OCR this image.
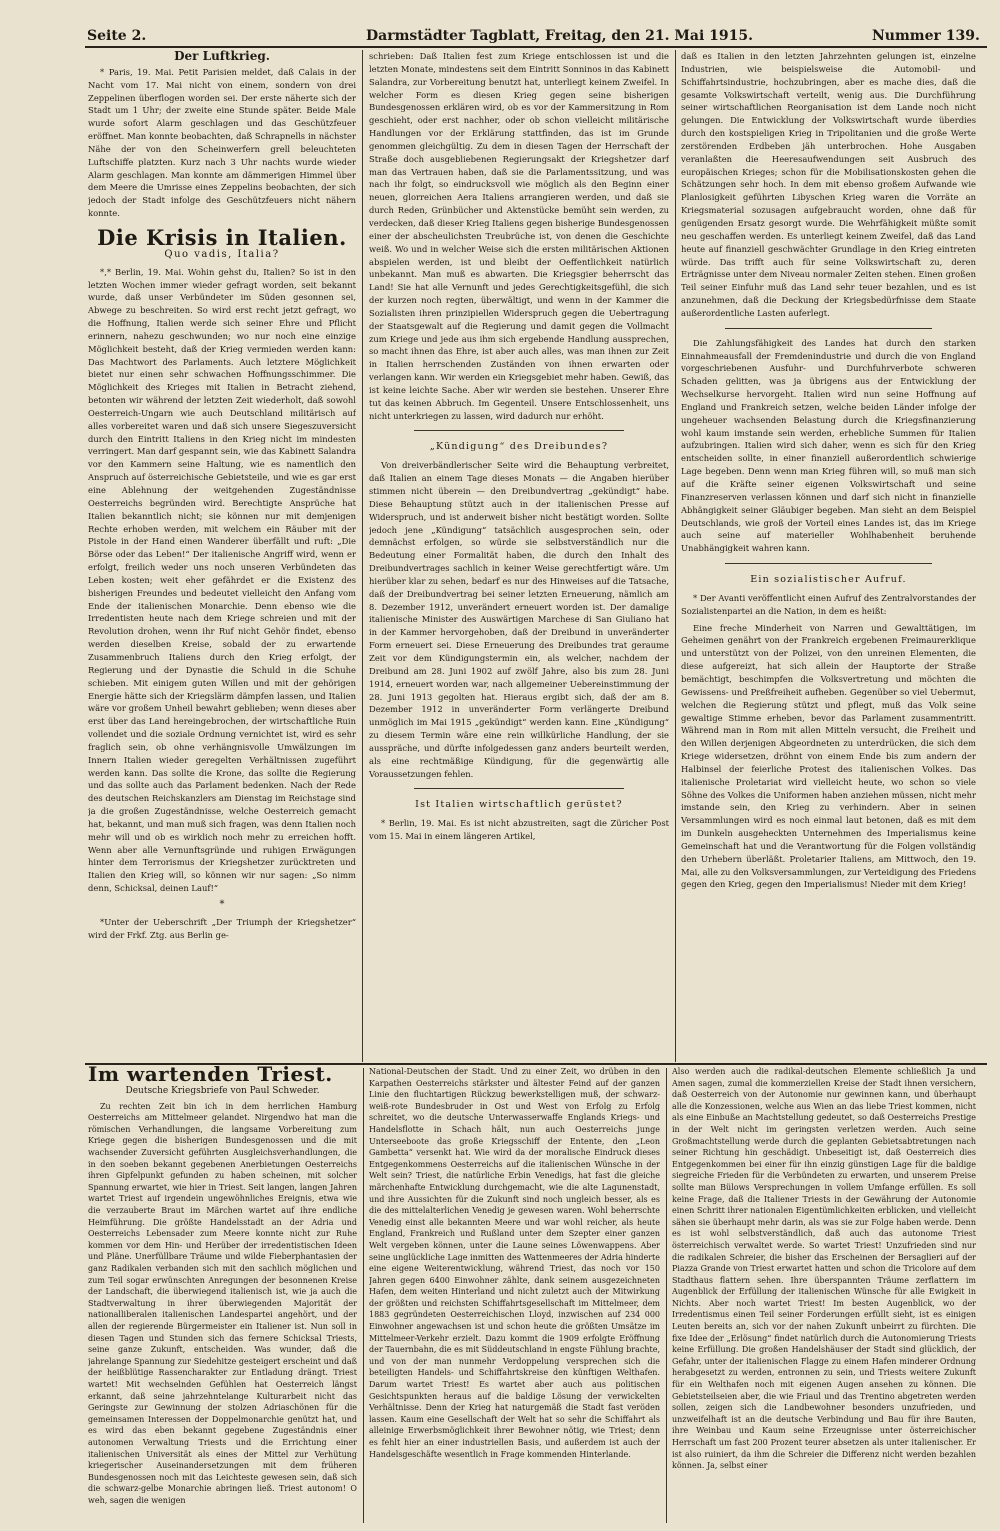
Seite 2.	Darmstädter Tagblatt, Freitag, den 21. Mai 1915.	Nummer 139.
Der Luftkrieg.

* Paris, 19. Mai. Petit Parisien meldet, daß Calais in der Nacht vom 17. Mai nicht von einem, sondern von drei Zeppelinen überflogen worden sei. Der erste näherte sich der Stadt um 1 Uhr; der zweite eine Stunde später. Beide Male wurde sofort Alarm geschlagen und das Geschützfeuer eröffnet. Man konnte beobachten, daß Schrapnells in nächster Nähe der von den Scheinwerfern grell beleuchteten Luftschiffe platzten. Kurz nach 3 Uhr nachts wurde wieder Alarm geschlagen. Man konnte am dämmerigen Himmel über dem Meere die Umrisse eines Zeppelins beobachten, der sich jedoch der Stadt infolge des Geschützfeuers nicht nähern konnte.

Die Krisis in Italien.
Quo vadis, Italia?

*,* Berlin, 19. Mai. Wohin gehst du, Italien? So ist in den letzten Wochen immer wieder gefragt worden, seit bekannt wurde, daß unser Verbündeter im Süden gesonnen sei, Abwege zu beschreiten. So wird erst recht jetzt gefragt, wo die Hoffnung, Italien werde sich seiner Ehre und Pflicht erinnern, nahezu geschwunden; wo nur noch eine einzige Möglichkeit besteht, daß der Krieg vermieden werden kann: Das Machtwort des Parlaments. Auch letztere Möglichkeit bietet nur einen sehr schwachen Hoffnungsschimmer. Die Möglichkeit des Krieges mit Italien in Betracht ziehend, betonten wir während der letzten Zeit wiederholt, daß sowohl Oesterreich-Ungarn wie auch Deutschland militärisch auf alles vorbereitet waren und daß sich unsere Siegeszuversicht durch den Eintritt Italiens in den Krieg nicht im mindesten verringert. Man darf gespannt sein, wie das Kabinett Salandra vor den Kammern seine Haltung, wie es namentlich den Anspruch auf österreichische Gebietsteile, und wie es gar erst eine Ablehnung der weitgehenden Zugeständnisse Oesterreichs begründen wird. Berechtigte Ansprüche hat Italien bekanntlich nicht; sie können nur mit demjenigen Rechte erhoben werden, mit welchem ein Räuber mit der Pistole in der Hand einen Wanderer überfällt und ruft: „Die Börse oder das Leben!“ Der italienische Angriff wird, wenn er erfolgt, freilich weder uns noch unseren Verbündeten das Leben kosten; weit eher gefährdet er die Existenz des bisherigen Freundes und bedeutet vielleicht den Anfang vom Ende der italienischen Monarchie. Denn ebenso wie die Irredentisten heute nach dem Kriege schreien und mit der Revolution drohen, wenn ihr Ruf nicht Gehör findet, ebenso werden dieselben Kreise, sobald der zu erwartende Zusammenbruch Italiens durch den Krieg erfolgt, der Regierung und der Dynastie die Schuld in die Schuhe schieben. Mit einigem guten Willen und mit der gehörigen Energie hätte sich der Kriegslärm dämpfen lassen, und Italien wäre vor großem Unheil bewahrt geblieben; wenn dieses aber erst über das Land hereingebrochen, der wirtschaftliche Ruin vollendet und die soziale Ordnung vernichtet ist, wird es sehr fraglich sein, ob ohne verhängnisvolle Umwälzungen im Innern Italien wieder geregelten Verhältnissen zugeführt werden kann. Das sollte die Krone, das sollte die Regierung und das sollte auch das Parlament bedenken. Nach der Rede des deutschen Reichskanzlers am Dienstag im Reichstage sind ja die großen Zugeständnisse, welche Oesterreich gemacht hat, bekannt, und man muß sich fragen, was denn Italien noch mehr will und ob es wirklich noch mehr zu erreichen hofft. Wenn aber alle Vernunftsgründe und ruhigen Erwägungen hinter dem Terrorismus der Kriegshetzer zurücktreten und Italien den Krieg will, so können wir nur sagen: „So nimm denn, Schicksal, deinen Lauf!“

*

*Unter der Ueberschrift „Der Triumph der Kriegshetzer“ wird der Frkf. Ztg. aus Berlin ge-

schrieben: Daß Italien fest zum Kriege entschlossen ist und die letzten Monate, mindestens seit dem Eintritt Sonninos in das Kabinett Salandra, zur Vorbereitung benutzt hat, unterliegt keinem Zweifel. In welcher Form es diesen Krieg gegen seine bisherigen Bundesgenossen erklären wird, ob es vor der Kammersitzung in Rom geschieht, oder erst nachher, oder ob schon vielleicht militärische Handlungen vor der Erklärung stattfinden, das ist im Grunde genommen gleichgültig. Zu dem in diesen Tagen der Herrschaft der Straße doch ausgebliebenen Regierungsakt der Kriegshetzer darf man das Vertrauen haben, daß sie die Parlamentssitzung, und was nach ihr folgt, so eindrucksvoll wie möglich als den Beginn einer neuen, glorreichen Aera Italiens arrangieren werden, und daß sie durch Reden, Grünbücher und Aktenstücke bemüht sein werden, zu verdecken, daß dieser Krieg Italiens gegen bisherige Bundesgenossen einer der abscheulichsten Treubrüche ist, von denen die Geschichte weiß. Wo und in welcher Weise sich die ersten militärischen Aktionen abspielen werden, ist und bleibt der Oeffentlichkeit natürlich unbekannt. Man muß es abwarten. Die Kriegsgier beherrscht das Land! Sie hat alle Vernunft und jedes Gerechtigkeitsgefühl, die sich der kurzen noch regten, überwältigt, und wenn in der Kammer die Sozialisten ihren prinzipiellen Widerspruch gegen die Uebertragung der Staatsgewalt auf die Regierung und damit gegen die Vollmacht zum Kriege und jede aus ihm sich ergebende Handlung aussprechen, so macht ihnen das Ehre, ist aber auch alles, was man ihnen zur Zeit in Italien herrschenden Zuständen von ihnen erwarten oder verlangen kann. Wir werden ein Kriegsgebiet mehr haben. Gewiß, das ist keine leichte Sache. Aber wir werden sie bestehen. Unserer Ehre tut das keinen Abbruch. Im Gegenteil. Unsere Entschlossenheit, uns nicht unterkriegen zu lassen, wird dadurch nur erhöht.

„Kündigung“ des Dreibundes?

Von dreiverbändlerischer Seite wird die Behauptung verbreitet, daß Italien an einem Tage dieses Monats — die Angaben hierüber stimmen nicht überein — den Dreibundvertrag „gekündigt“ habe. Diese Behauptung stützt auch in der italienischen Presse auf Widerspruch, und ist anderweit bisher nicht bestätigt worden. Sollte jedoch jene „Kündigung“ tatsächlich ausgesprochen sein, oder demnächst erfolgen, so würde sie selbstverständlich nur die Bedeutung einer Formalität haben, die durch den Inhalt des Dreibundvertrages sachlich in keiner Weise gerechtfertigt wäre. Um hierüber klar zu sehen, bedarf es nur des Hinweises auf die Tatsache, daß der Dreibundvertrag bei seiner letzten Erneuerung, nämlich am 8. Dezember 1912, unverändert erneuert worden ist. Der damalige italienische Minister des Auswärtigen Marchese di San Giuliano hat in der Kammer hervorgehoben, daß der Dreibund in unveränderter Form erneuert sei. Diese Erneuerung des Dreibundes trat geraume Zeit vor dem Kündigungstermin ein, als welcher, nachdem der Dreibund am 28. Juni 1902 auf zwölf Jahre, also bis zum 28. Juni 1914, erneuert worden war, nach allgemeiner Uebereinstimmung der 28. Juni 1913 gegolten hat. Hieraus ergibt sich, daß der am 8. Dezember 1912 in unveränderter Form verlängerte Dreibund unmöglich im Mai 1915 „gekündigt“ werden kann. Eine „Kündigung“ zu diesem Termin wäre eine rein willkürliche Handlung, der sie ausspräche, und dürfte infolgedessen ganz anders beurteilt werden, als eine rechtmäßige Kündigung, für die gegenwärtig alle Voraussetzungen fehlen.

Ist Italien wirtschaftlich gerüstet?

* Berlin, 19. Mai. Es ist nicht abzustreiten, sagt die Züricher Post vom 15. Mai in einem längeren Artikel,

daß es Italien in den letzten Jahrzehnten gelungen ist, einzelne Industrien, wie beispielsweise die Automobil- und Schiffahrtsindustrie, hochzubringen, aber es mache dies, daß die gesamte Volkswirtschaft verteilt, wenig aus. Die Durchführung seiner wirtschaftlichen Reorganisation ist dem Lande noch nicht gelungen. Die Entwicklung der Volkswirtschaft wurde überdies durch den kostspieligen Krieg in Tripolitanien und die große Werte zerstörenden Erdbeben jäh unterbrochen. Hohe Ausgaben veranlaßten die Heeresaufwendungen seit Ausbruch des europäischen Krieges; schon für die Mobilisationskosten gehen die Schätzungen sehr hoch. In dem mit ebenso großem Aufwande wie Planlosigkeit geführten Libyschen Krieg waren die Vorräte an Kriegsmaterial sozusagen aufgebraucht worden, ohne daß für genügenden Ersatz gesorgt wurde. Die Wehrfähigkeit müßte somit neu geschaffen werden. Es unterliegt keinem Zweifel, daß das Land heute auf finanziell geschwächter Grundlage in den Krieg eintreten würde. Das trifft auch für seine Volkswirtschaft zu, deren Erträgnisse unter dem Niveau normaler Zeiten stehen. Einen großen Teil seiner Einfuhr muß das Land sehr teuer bezahlen, und es ist anzunehmen, daß die Deckung der Kriegsbedürfnisse dem Staate außerordentliche Lasten auferlegt.

Die Zahlungsfähigkeit des Landes hat durch den starken Einnahmeausfall der Fremdenindustrie und durch die von England vorgeschriebenen Ausfuhr- und Durchfuhrverbote schweren Schaden gelitten, was ja übrigens aus der Entwicklung der Wechselkurse hervorgeht. Italien wird nun seine Hoffnung auf England und Frankreich setzen, welche beiden Länder infolge der ungeheuer wachsenden Belastung durch die Kriegsfinanzierung wohl kaum imstande sein werden, erhebliche Summen für Italien aufzubringen. Italien wird sich daher, wenn es sich für den Krieg entscheiden sollte, in einer finanziell außerordentlich schwierige Lage begeben. Denn wenn man Krieg führen will, so muß man sich auf die Kräfte seiner eigenen Volkswirtschaft und seine Finanzreserven verlassen können und darf sich nicht in finanzielle Abhängigkeit seiner Gläubiger begeben. Man sieht an dem Beispiel Deutschlands, wie groß der Vorteil eines Landes ist, das im Kriege auch seine auf materieller Wohlhabenheit beruhende Unabhängigkeit wahren kann.

Ein sozialistischer Aufruf.

* Der Avanti veröffentlicht einen Aufruf des Zentralvorstandes der Sozialistenpartei an die Nation, in dem es heißt:

Eine freche Minderheit von Narren und Gewalttätigen, im Geheimen genährt von der Frankreich ergebenen Freimaurerklique und unterstützt von der Polizei, von den unreinen Elementen, die diese aufgereizt, hat sich allein der Hauptorte der Straße bemächtigt, beschimpfen die Volksvertretung und möchten die Gewissens- und Preßfreiheit aufheben. Gegenüber so viel Uebermut, welchen die Regierung stützt und pflegt, muß das Volk seine gewaltige Stimme erheben, bevor das Parlament zusammentritt. Während man in Rom mit allen Mitteln versucht, die Freiheit und den Willen derjenigen Abgeordneten zu unterdrücken, die sich dem Kriege widersetzen, dröhnt von einem Ende bis zum andern der Halbinsel der feierliche Protest des italienischen Volkes. Das italienische Proletariat wird vielleicht heute, wo schon so viele Söhne des Volkes die Uniformen haben anziehen müssen, nicht mehr imstande sein, den Krieg zu verhindern. Aber in seinen Versammlungen wird es noch einmal laut betonen, daß es mit dem im Dunkeln ausgeheckten Unternehmen des Imperialismus keine Gemeinschaft hat und die Verantwortung für die Folgen vollständig den Urhebern überläßt. Proletarier Italiens, am Mittwoch, den 19. Mai, alle zu den Volksversammlungen, zur Verteidigung des Friedens gegen den Krieg, gegen den Imperialismus! Nieder mit dem Krieg!

Im wartenden Triest.
Deutsche Kriegsbriefe von Paul Schweder.

Zu rechten Zeit bin ich in dem herrlichen Hamburg Oesterreichs am Mittelmeer gelandet. Nirgendwo hat man die römischen Verhandlungen, die langsame Vorbereitung zum Kriege gegen die bisherigen Bundesgenossen und die mit wachsender Zuversicht geführten Ausgleichsverhandlungen, die in den soeben bekannt gegebenen Anerbietungen Oesterreichs ihren Gipfelpunkt gefunden zu haben scheinen, mit solcher Spannung erwartet, wie hier in Triest. Seit langen, langen Jahren wartet Triest auf irgendein ungewöhnliches Ereignis, etwa wie die verzauberte Braut im Märchen wartet auf ihre endliche Heimführung. Die größte Handelsstadt an der Adria und Oesterreichs Lebensader zum Meere konnte nicht zur Ruhe kommen vor dem Hin- und Herüber der irredentistischen Ideen und Pläne. Unerfüllbare Träume und wilde Fieberphantasien der ganz Radikalen verbanden sich mit den sachlich möglichen und zum Teil sogar erwünschten Anregungen der besonnenen Kreise der Landschaft, die überwiegend italienisch ist, wie ja auch die Stadtverwaltung in ihrer überwiegenden Majorität der nationalliberalen italienischen Landespartei angehört, und der allen der regierende Bürgermeister ein Italiener ist. Nun soll in diesen Tagen und Stunden sich das fernere Schicksal Triests, seine ganze Zukunft, entscheiden. Was wunder, daß die jahrelange Spannung zur Siedehitze gesteigert erscheint und daß der heißblütige Rassencharakter zur Entladung drängt. Triest wartet! Mit wechselnden Gefühlen hat Oesterreich längst erkannt, daß seine jahrzehntelange Kulturarbeit nicht das Geringste zur Gewinnung der stolzen Adriaschönen für die gemeinsamen Interessen der Doppelmonarchie genützt hat, und es wird das eben bekannt gegebene Zugeständnis einer autonomen Verwaltung Triests und die Errichtung einer italienischen Universität als eines der Mittel zur Verhütung kriegerischer Auseinandersetzungen mit dem früheren Bundesgenossen noch mit das Leichteste gewesen sein, daß sich die schwarz-gelbe Monarchie abringen ließ. Triest autonom! O weh, sagen die wenigen

National-Deutschen der Stadt. Und zu einer Zeit, wo drüben in den Karpathen Oesterreichs stärkster und ältester Feind auf der ganzen Linie den fluchtartigen Rückzug bewerkstelligen muß, der schwarz-weiß-rote Bundesbruder in Ost und West von Erfolg zu Erfolg schreitet, wo die deutsche Unterwasserwaffe Englands Kriegs- und Handelsflotte in Schach hält, nun auch Oesterreichs junge Unterseeboote das große Kriegsschiff der Entente, den „Leon Gambetta“ versenkt hat. Wie wird da der moralische Eindruck dieses Entgegenkommens Oesterreichs auf die italienischen Wünsche in der Welt sein? Triest, die natürliche Erbin Venedigs, hat fast die gleiche märchenhafte Entwicklung durchgemacht, wie die alte Lagunenstadt, und ihre Aussichten für die Zukunft sind noch ungleich besser, als es die des mittelalterlichen Venedig je gewesen waren. Wohl beherrschte Venedig einst alle bekannten Meere und war wohl reicher, als heute England, Frankreich und Rußland unter dem Szepter einer ganzen Welt vergeben können, unter die Laune seines Löwenwappens. Aber seine unglückliche Lage inmitten des Wattenmeeres der Adria hinderte eine eigene Weiterentwicklung, während Triest, das noch vor 150 Jahren gegen 6400 Einwohner zählte, dank seinem ausgezeichneten Hafen, dem weiten Hinterland und nicht zuletzt auch der Mitwirkung der größten und reichsten Schiffahrtsgesellschaft im Mittelmeer, dem 1883 gegründeten Oesterreichischen Lloyd, inzwischen auf 234 000 Einwohner angewachsen ist und schon heute die größten Umsätze im Mittelmeer-Verkehr erzielt. Dazu kommt die 1909 erfolgte Eröffnung der Tauernbahn, die es mit Süddeutschland in engste Fühlung brachte, und von der man nunmehr Verdoppelung versprechen sich die beteiligten Handels- und Schiffahrtskreise den künftigen Welthafen. Darum wartet Triest! Es wartet aber auch aus politischen Gesichtspunkten heraus auf die baldige Lösung der verwickelten Verhältnisse. Denn der Krieg hat naturgemäß die Stadt fast veröden lassen. Kaum eine Gesellschaft der Welt hat so sehr die Schiffahrt als alleinige Erwerbsmöglichkeit ihrer Bewohner nötig, wie Triest; denn es fehlt hier an einer industriellen Basis, und außerdem ist auch der Handelsgeschäfte wesentlich in Frage kommenden Hinterlande.

Also werden auch die radikal-deutschen Elemente schließlich Ja und Amen sagen, zumal die kommerziellen Kreise der Stadt ihnen versichern, daß Oesterreich von der Autonomie nur gewinnen kann, und überhaupt alle die Konzessionen, welche aus Wien an das liebe Triest kommen, nicht als eine Einbuße an Machtstellung gedeutet, so daß Oesterreichs Prestige in der Welt nicht im geringsten verletzen werden. Auch seine Großmachtstellung werde durch die geplanten Gebietsabtretungen nach seiner Richtung hin geschädigt. Unbeseitigt ist, daß Oesterreich dies Entgegenkommen bei einer für ihn einzig günstigen Lage für die baldige siegreiche Frieden für die Verbündeten zu erwarten, und unserem Preise sollte man Bülows Versprechungen in vollem Umfange erfüllen. Es soll keine Frage, daß die Italiener Triests in der Gewährung der Autonomie einen Schritt ihrer nationalen Eigentümlichkeiten erblicken, und vielleicht sähen sie überhaupt mehr darin, als was sie zur Folge haben werde. Denn es ist wohl selbstverständlich, daß auch das autonome Triest österreichisch verwaltet werde. So wartet Triest! Unzufrieden sind nur die radikalen Schreier, die bisher das Erscheinen der Bersaglieri auf der Piazza Grande von Triest erwartet hatten und schon die Tricolore auf dem Stadthaus flattern sehen. Ihre überspannten Träume zerflattern im Augenblick der Erfüllung der italienischen Wünsche für alle Ewigkeit in Nichts. Aber noch wartet Triest! Im besten Augenblick, wo der Irredentismus einen Teil seiner Forderungen erfüllt sieht, ist es einigen Leuten bereits an, sich vor der nahen Zukunft unbeirrt zu fürchten. Die fixe Idee der „Erlösung“ findet natürlich durch die Autonomierung Triests keine Erfüllung. Die großen Handelshäuser der Stadt sind glücklich, der Gefahr, unter der italienischen Flagge zu einem Hafen minderer Ordnung herabgesetzt zu werden, entronnen zu sein, und Triests weitere Zukunft für ein Welthafen noch mit eigenen Augen ansehen zu können. Die Gebietsteilseien aber, die wie Friaul und das Trentino abgetreten werden sollen, zeigen sich die Landbewohner besonders unzufrieden, und unzweifelhaft ist an die deutsche Verbindung und Bau für ihre Bauten, ihre Weinbau und Kaum seine Erzeugnisse unter österreichischer Herrschaft um fast 200 Prozent teurer absetzen als unter italienischer. Er ist also ruiniert, da ihm die Schreier die Differenz nicht werden bezahlen können. Ja, selbst einer
